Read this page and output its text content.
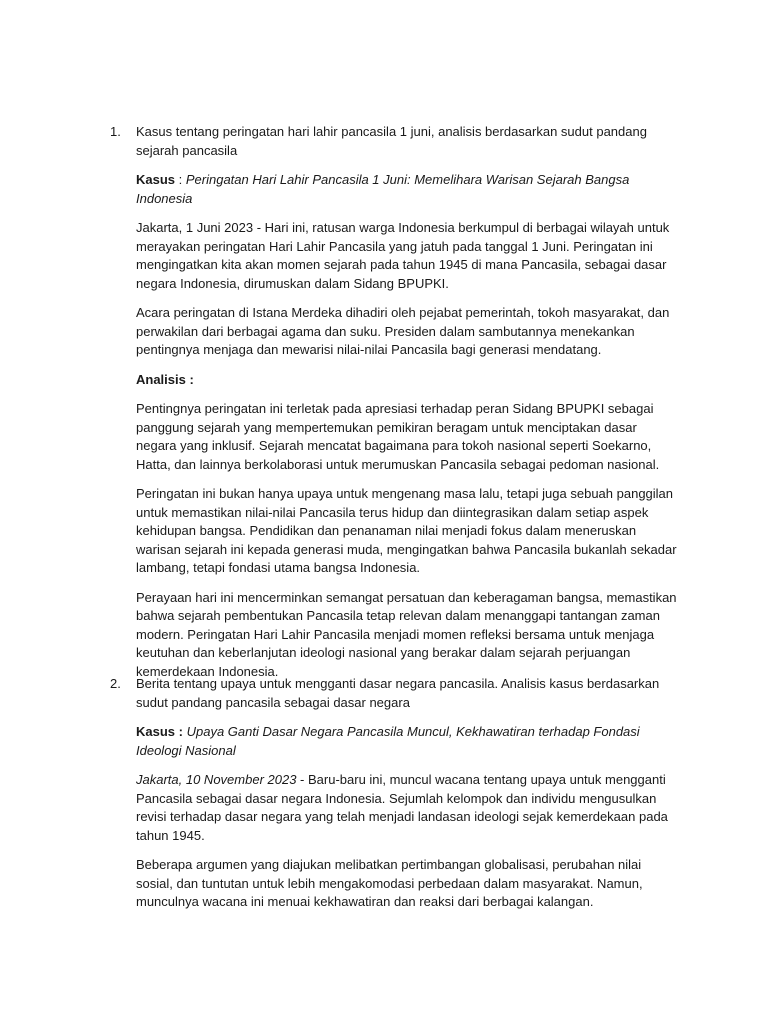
1.	Kasus tentang peringatan hari lahir pancasila 1 juni, analisis berdasarkan sudut pandang sejarah pancasila

Kasus : Peringatan Hari Lahir Pancasila 1 Juni: Memelihara Warisan Sejarah Bangsa Indonesia

Jakarta, 1 Juni 2023 - Hari ini, ratusan warga Indonesia berkumpul di berbagai wilayah untuk merayakan peringatan Hari Lahir Pancasila yang jatuh pada tanggal 1 Juni. Peringatan ini mengingatkan kita akan momen sejarah pada tahun 1945 di mana Pancasila, sebagai dasar negara Indonesia, dirumuskan dalam Sidang BPUPKI.

Acara peringatan di Istana Merdeka dihadiri oleh pejabat pemerintah, tokoh masyarakat, dan perwakilan dari berbagai agama dan suku. Presiden dalam sambutannya menekankan pentingnya menjaga dan mewarisi nilai-nilai Pancasila bagi generasi mendatang.

Analisis :

Pentingnya peringatan ini terletak pada apresiasi terhadap peran Sidang BPUPKI sebagai panggung sejarah yang mempertemukan pemikiran beragam untuk menciptakan dasar negara yang inklusif. Sejarah mencatat bagaimana para tokoh nasional seperti Soekarno, Hatta, dan lainnya berkolaborasi untuk merumuskan Pancasila sebagai pedoman nasional.

Peringatan ini bukan hanya upaya untuk mengenang masa lalu, tetapi juga sebuah panggilan untuk memastikan nilai-nilai Pancasila terus hidup dan diintegrasikan dalam setiap aspek kehidupan bangsa. Pendidikan dan penanaman nilai menjadi fokus dalam meneruskan warisan sejarah ini kepada generasi muda, mengingatkan bahwa Pancasila bukanlah sekadar lambang, tetapi fondasi utama bangsa Indonesia.

Perayaan hari ini mencerminkan semangat persatuan dan keberagaman bangsa, memastikan bahwa sejarah pembentukan Pancasila tetap relevan dalam menanggapi tantangan zaman modern. Peringatan Hari Lahir Pancasila menjadi momen refleksi bersama untuk menjaga keutuhan dan keberlanjutan ideologi nasional yang berakar dalam sejarah perjuangan kemerdekaan Indonesia.

2.	Berita tentang upaya untuk mengganti dasar negara pancasila. Analisis kasus berdasarkan sudut pandang pancasila sebagai dasar negara

Kasus : Upaya Ganti Dasar Negara Pancasila Muncul, Kekhawatiran terhadap Fondasi Ideologi Nasional

Jakarta, 10 November 2023 - Baru-baru ini, muncul wacana tentang upaya untuk mengganti Pancasila sebagai dasar negara Indonesia. Sejumlah kelompok dan individu mengusulkan revisi terhadap dasar negara yang telah menjadi landasan ideologi sejak kemerdekaan pada tahun 1945.

Beberapa argumen yang diajukan melibatkan pertimbangan globalisasi, perubahan nilai sosial, dan tuntutan untuk lebih mengakomodasi perbedaan dalam masyarakat. Namun, munculnya wacana ini menuai kekhawatiran dan reaksi dari berbagai kalangan.
